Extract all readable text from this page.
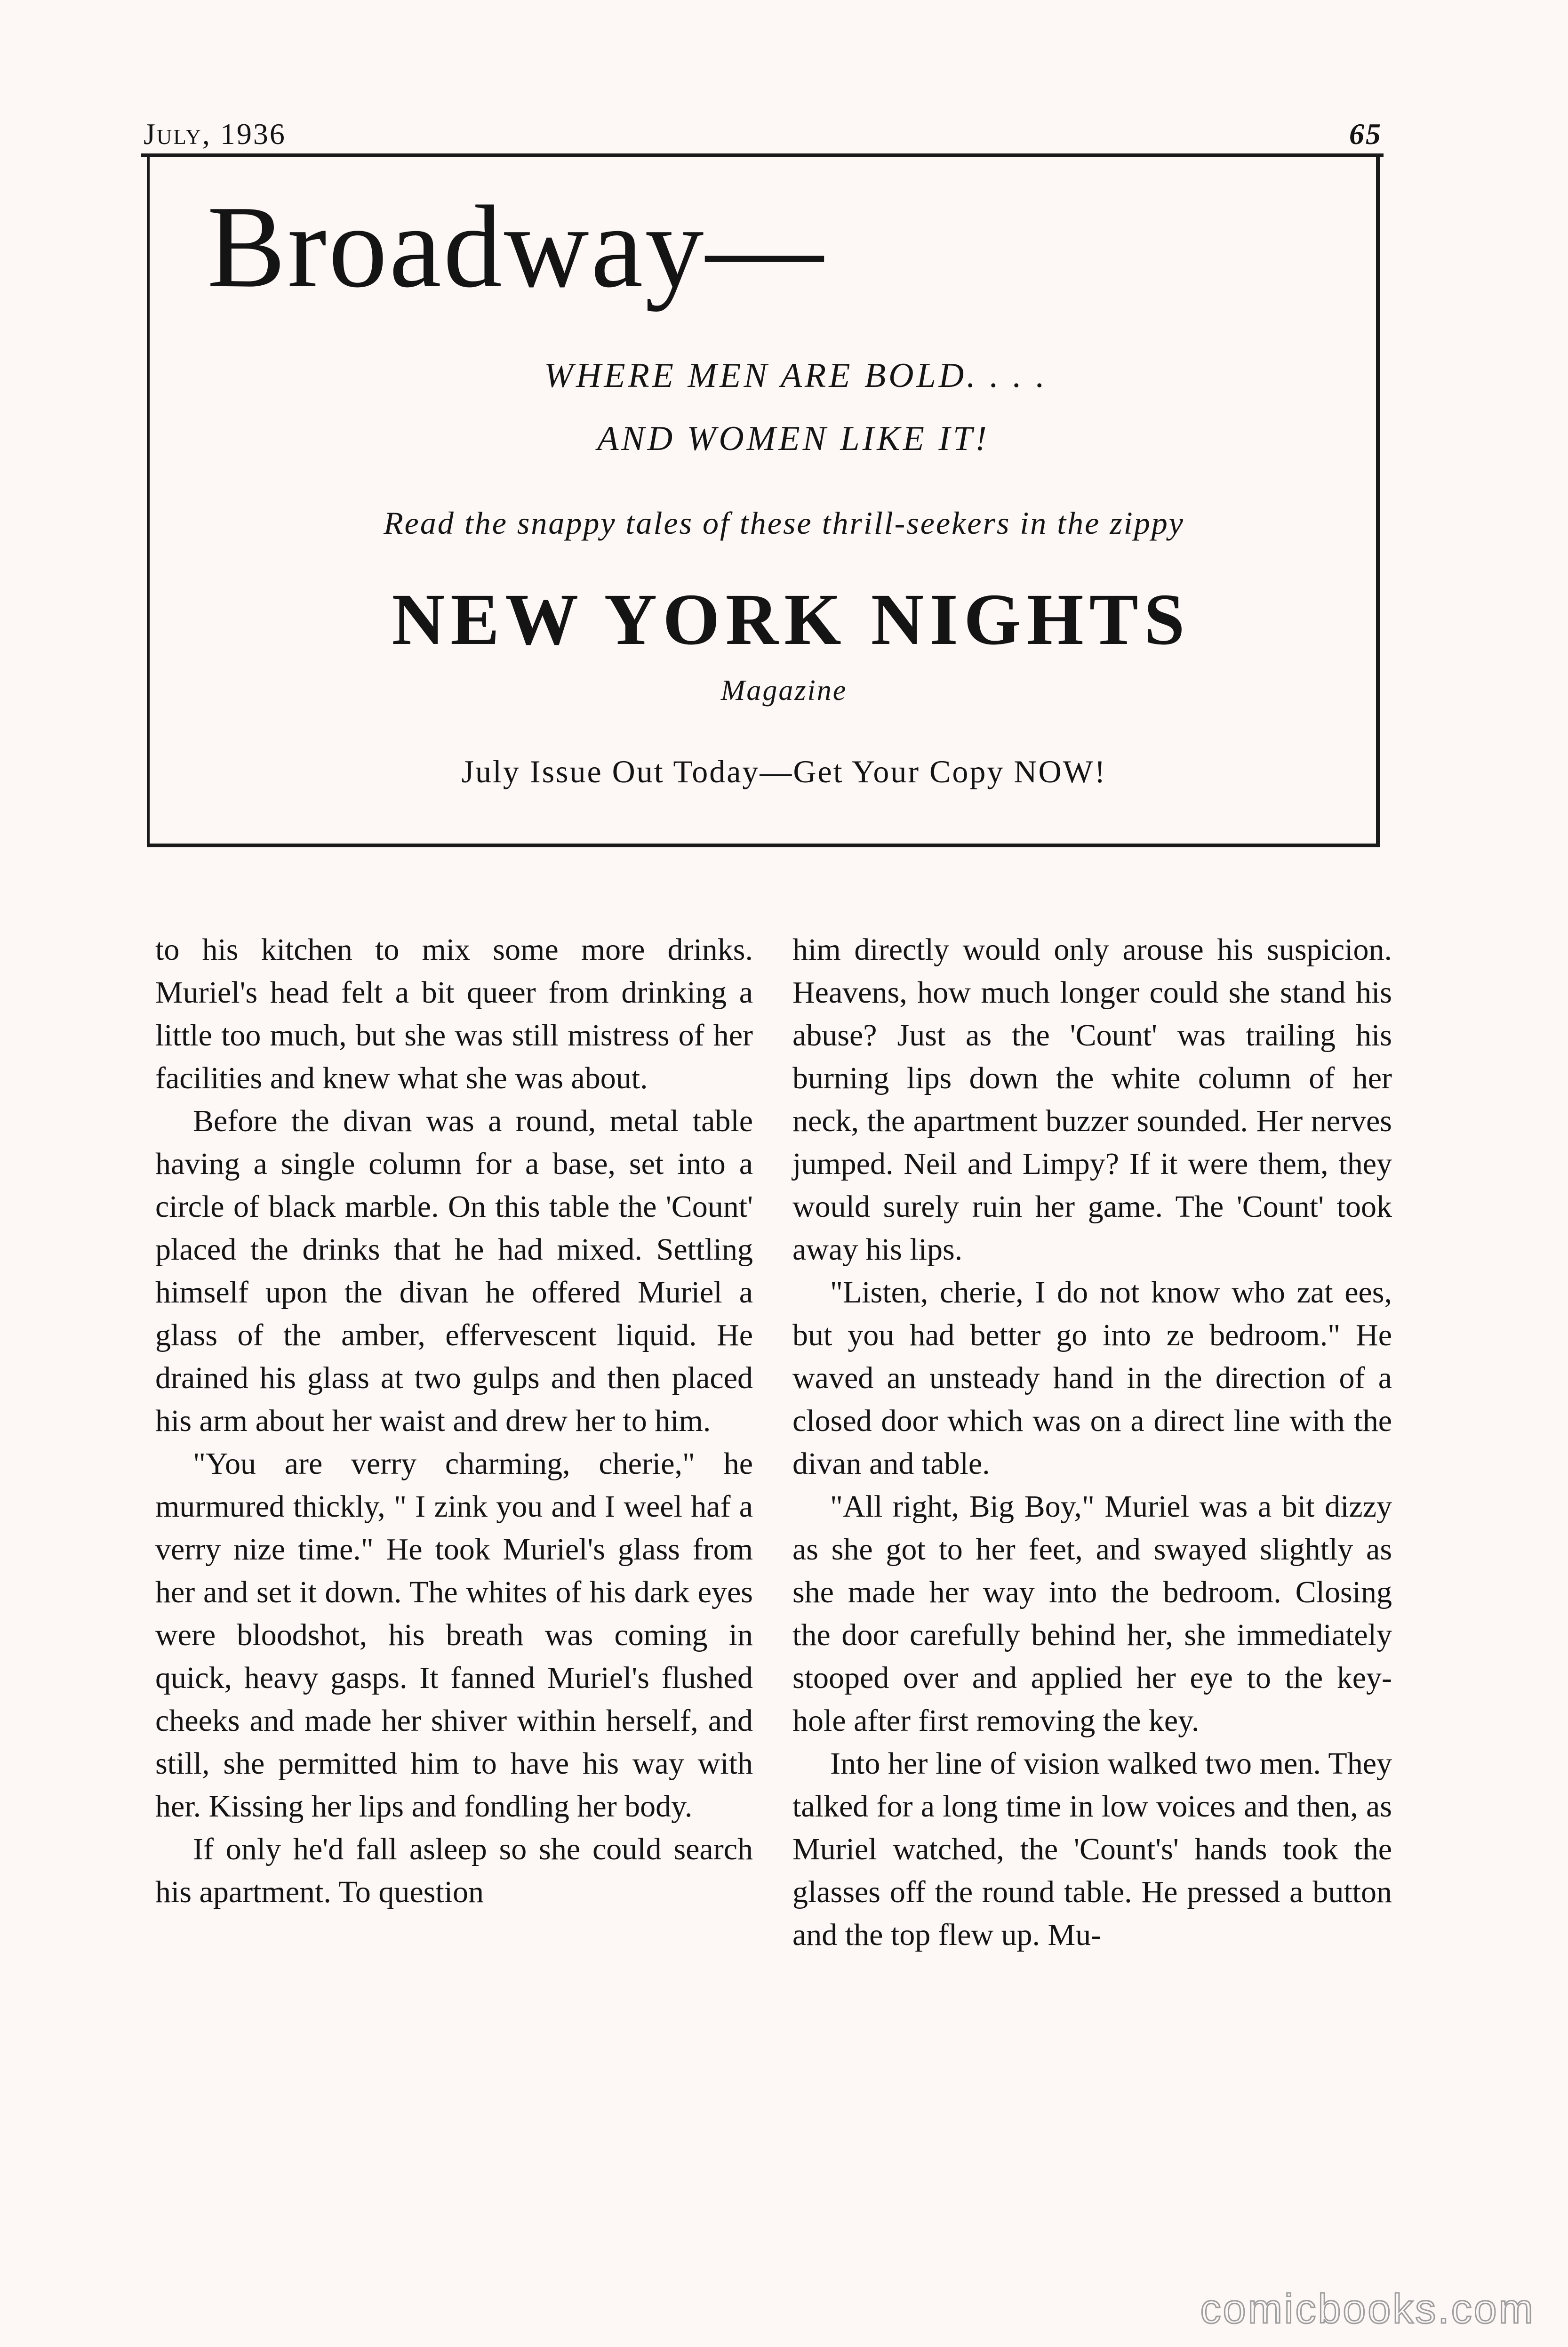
July, 1936	65
Broadway—
WHERE MEN ARE BOLD. . . .
AND WOMEN LIKE IT!
Read the snappy tales of these thrill-seekers in the zippy
NEW YORK NIGHTS
Magazine
July Issue Out Today—Get Your Copy NOW!

to his kitchen to mix some more drinks. Muriel's head felt a bit queer from drinking a little too much, but she was still mistress of her facilities and knew what she was about.

Before the divan was a round, metal table having a single column for a base, set into a circle of black marble. On this table the 'Count' placed the drinks that he had mixed. Settling himself upon the divan he offered Muriel a glass of the amber, effervescent liquid. He drained his glass at two gulps and then placed his arm about her waist and drew her to him.

"You are verry charming, cherie," he murmured thickly, " I zink you and I weel haf a verry nize time." He took Muriel's glass from her and set it down. The whites of his dark eyes were bloodshot, his breath was coming in quick, heavy gasps. It fanned Muriel's flushed cheeks and made her shiver within herself, and still, she permitted him to have his way with her. Kissing her lips and fondling her body.

If only he'd fall asleep so she could search his apartment. To question

him directly would only arouse his suspicion. Heavens, how much longer could she stand his abuse? Just as the 'Count' was trailing his burning lips down the white column of her neck, the apartment buzzer sounded. Her nerves jumped. Neil and Limpy? If it were them, they would surely ruin her game. The 'Count' took away his lips.

"Listen, cherie, I do not know who zat ees, but you had better go into ze bedroom." He waved an unsteady hand in the direction of a closed door which was on a direct line with the divan and table.

"All right, Big Boy," Muriel was a bit dizzy as she got to her feet, and swayed slightly as she made her way into the bedroom. Closing the door carefully behind her, she immediately stooped over and applied her eye to the key-hole after first removing the key.

Into her line of vision walked two men. They talked for a long time in low voices and then, as Muriel watched, the 'Count's' hands took the glasses off the round table. He pressed a button and the top flew up. Mu-

comicbooks.com
